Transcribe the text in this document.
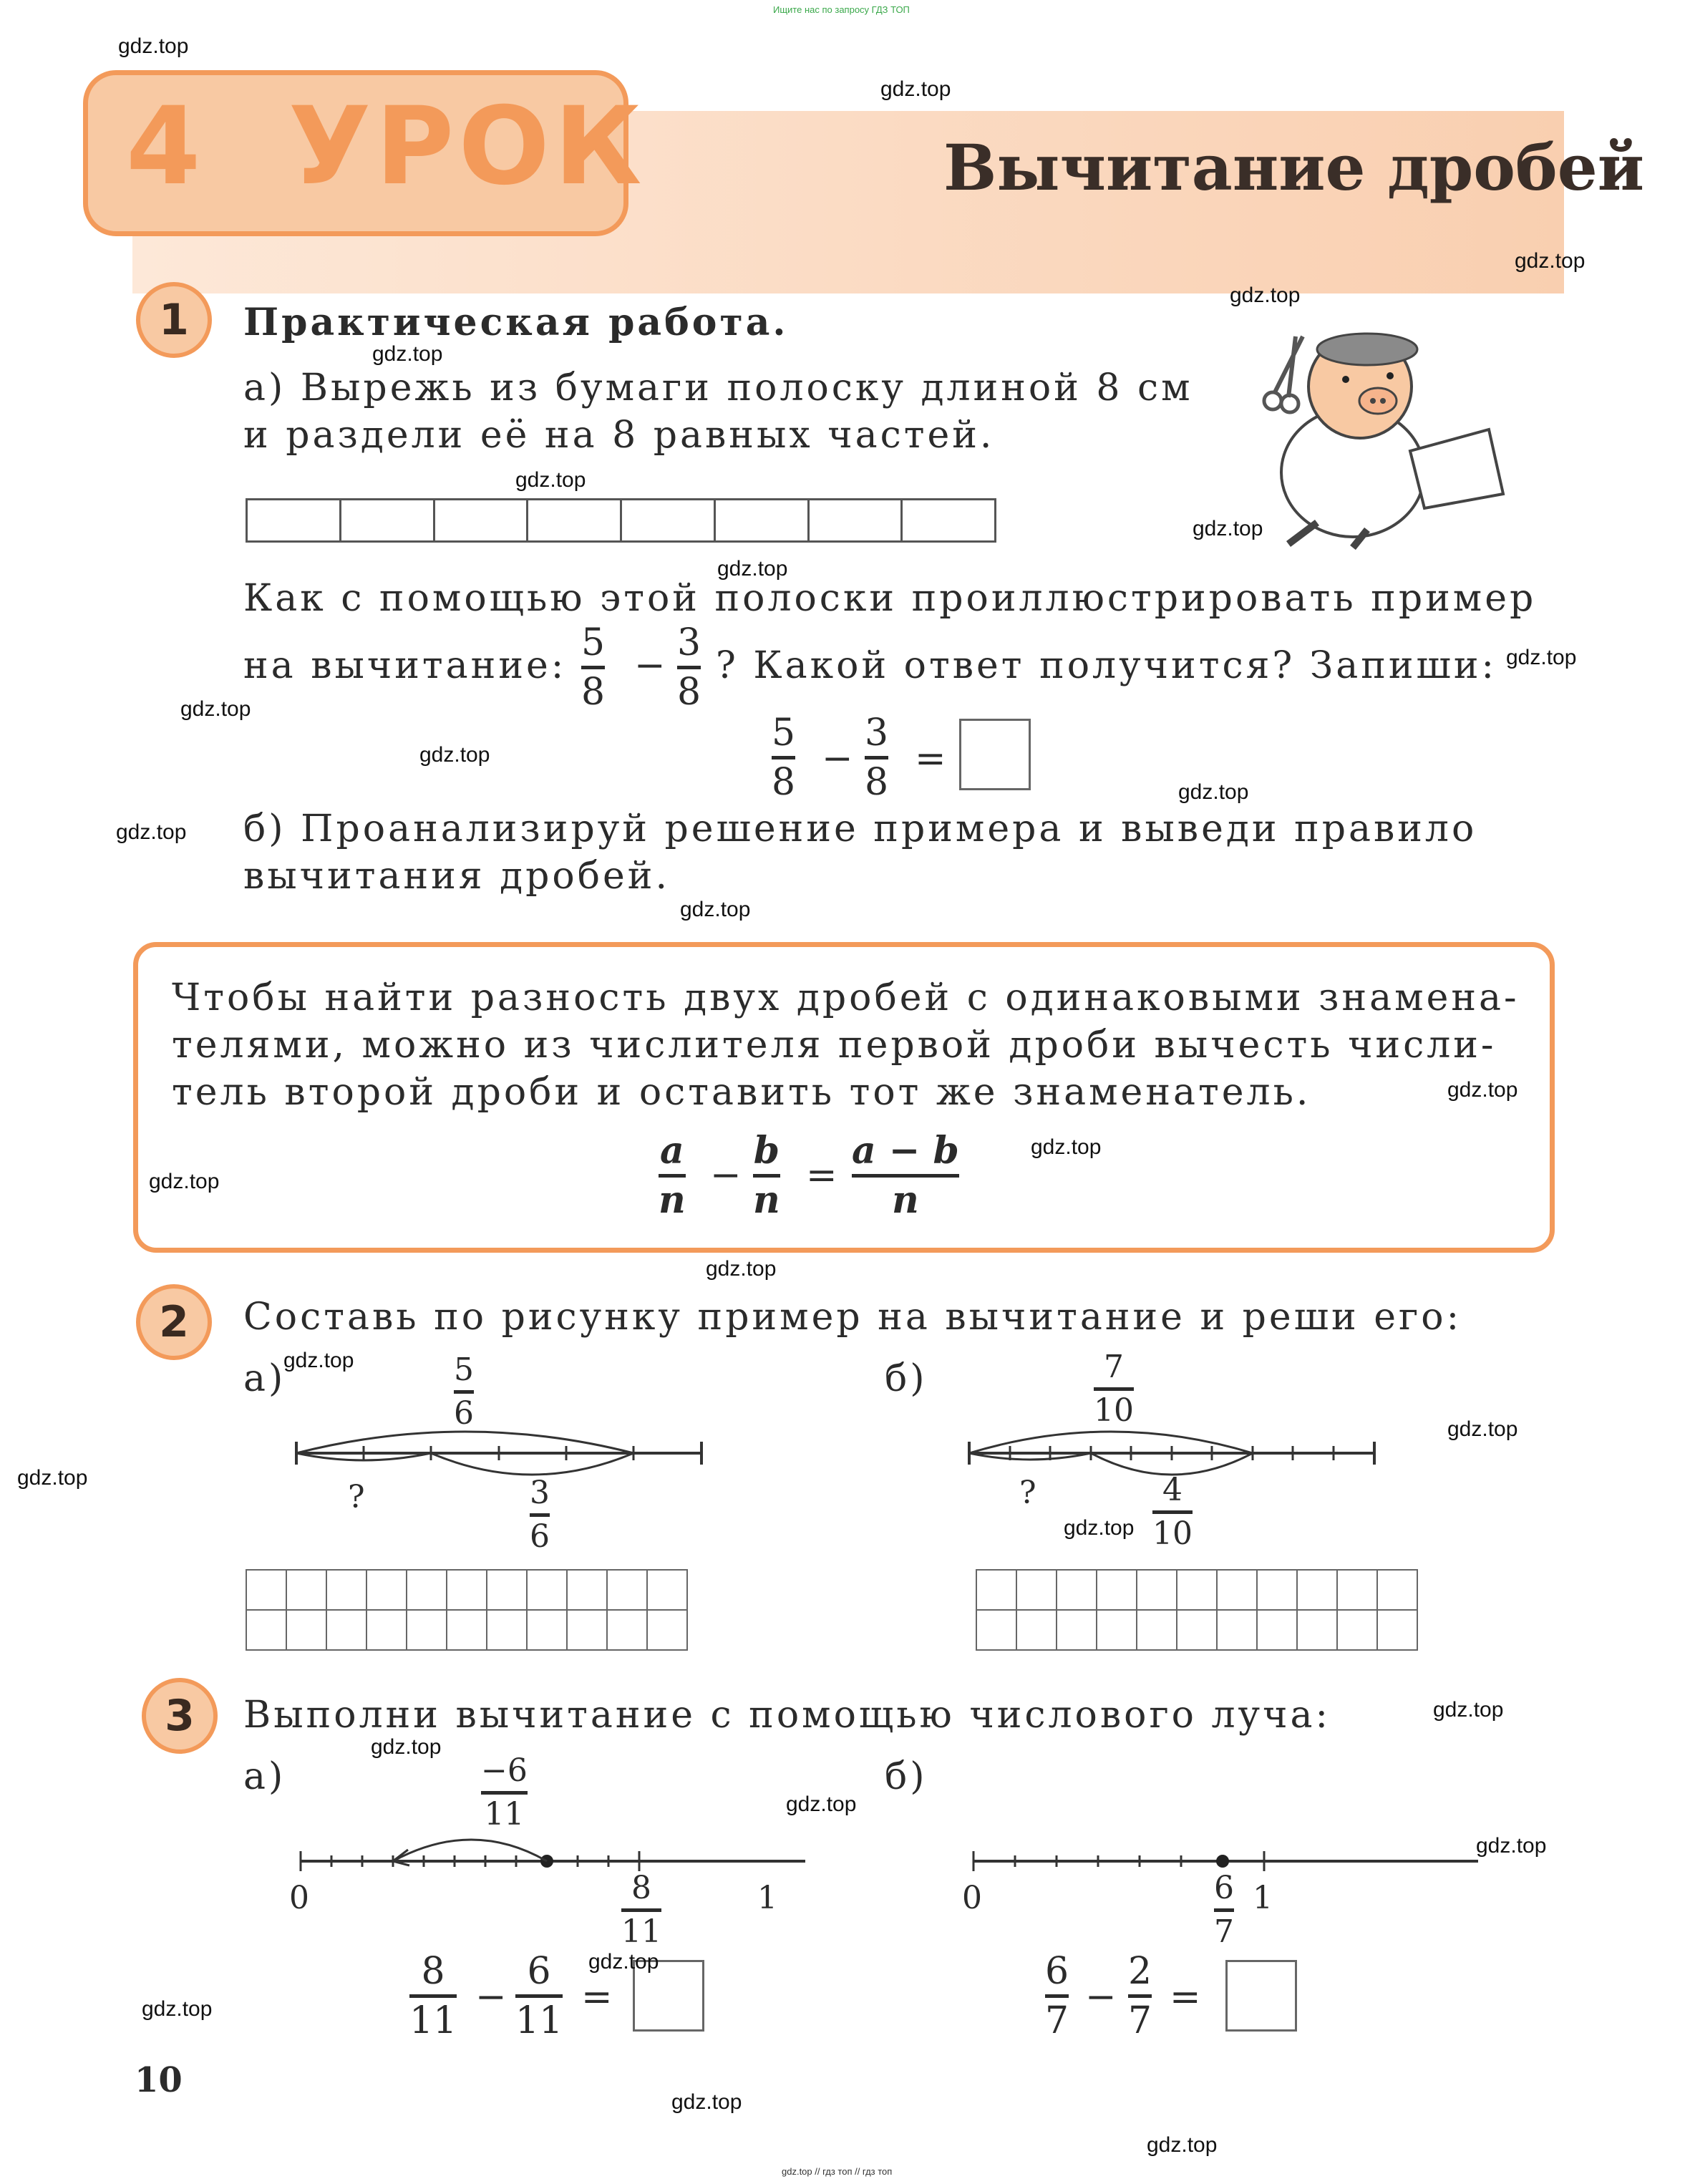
Ищите нас по запросу ГДЗ ТОП
4  УРОК	Вычитание дробей
1	Практическая работа.
а) Вырежь из бумаги полоску длиной 8 см
и раздели её на 8 равных частей.
Как с помощью этой полоски проиллюстрировать пример
на вычитание:
5
8
−
3
8
? Какой ответ получится? Запиши:
5
8
−
3
8
=
б) Проанализируй решение примера и выведи правило
вычитания дробей.
Чтобы найти разность двух дробей с одинаковыми знамена-
телями, можно из числителя первой дроби вычесть числи-
тель второй дроби и оставить тот же знаменатель.
a
n
−
b
n
=
a − b
n
2	Составь по рисунку пример на вычитание и реши его:
а)	б)
5
6
?	3
6
7
10
?	4
10
3	Выполни вычитание с помощью числового луча:
а)	б)
−6
11
0	8
11
1
8
11
−
6
11
=
0	6
7
1
6
7
−
2
7
=
10
gdz.top // гдз топ // гдз топ
gdz.top
gdz.top
gdz.top
gdz.top
gdz.top
gdz.top
gdz.top
gdz.top
gdz.top
gdz.top
gdz.top
gdz.top
gdz.top
gdz.top
gdz.top
gdz.top
gdz.top
gdz.top
gdz.top
gdz.top
gdz.top
gdz.top
gdz.top
gdz.top
gdz.top
gdz.top
gdz.top
gdz.top
gdz.top
gdz.top
